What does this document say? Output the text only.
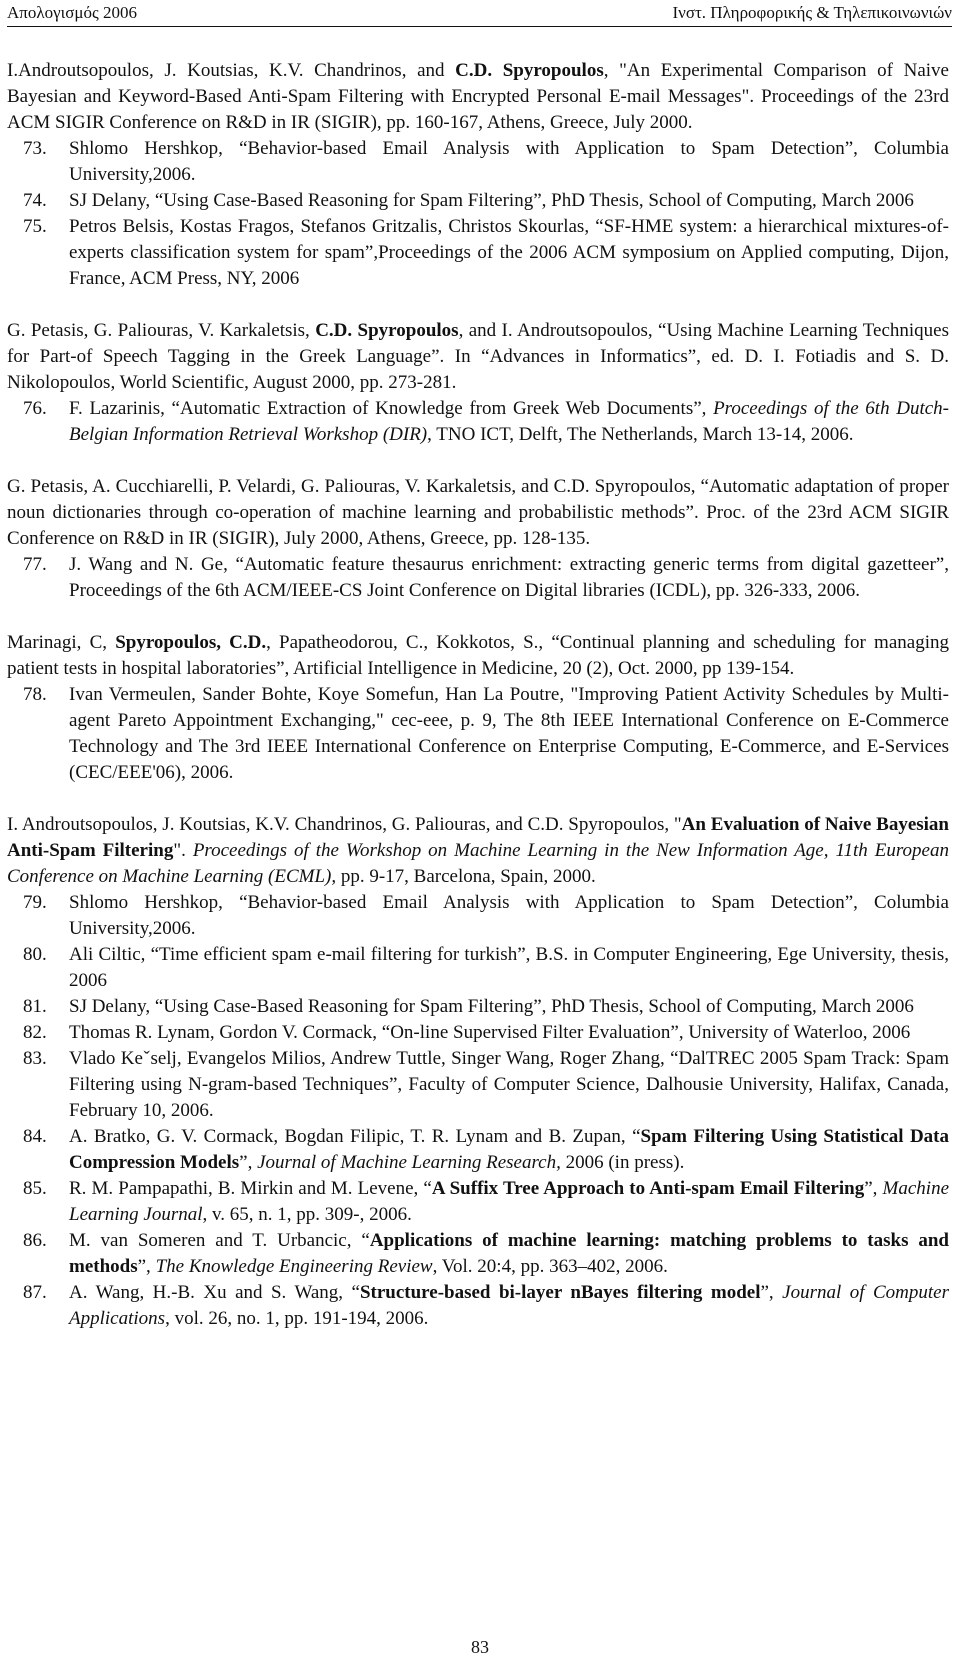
Απολογισμός 2006	Ινστ. Πληροφορικής & Τηλεπικοινωνιών

I.Androutsopoulos, J. Koutsias, K.V. Chandrinos, and C.D. Spyropoulos, "An Experimental Comparison of Naive Bayesian and Keyword-Based Anti-Spam Filtering with Encrypted Personal E-mail Messages". Proceedings of the 23rd ACM SIGIR Conference on R&D in IR (SIGIR), pp. 160-167, Athens, Greece, July 2000.

73.	Shlomo Hershkop, “Behavior-based Email Analysis with Application to Spam Detection”, Columbia University,2006.
74.	SJ Delany, “Using Case-Based Reasoning for Spam Filtering”, PhD Thesis, School of Computing, March 2006
75.	Petros Belsis, Kostas Fragos, Stefanos Gritzalis, Christos Skourlas, “SF-HME system: a hierarchical mixtures-of-experts classification system for spam”,Proceedings of the 2006 ACM symposium on Applied computing, Dijon, France, ACM Press, NY, 2006

G. Petasis, G. Paliouras, V. Karkaletsis, C.D. Spyropoulos, and I. Androutsopoulos, “Using Machine Learning Techniques for Part-of Speech Tagging in the Greek Language”. In “Advances in Informatics”, ed. D. I. Fotiadis and S. D. Nikolopoulos, World Scientific, August 2000, pp. 273-281.

76.	F. Lazarinis, “Automatic Extraction of Knowledge from Greek Web Documents”, Proceedings of the 6th Dutch-Belgian Information Retrieval Workshop (DIR), TNO ICT, Delft, The Netherlands, March 13-14, 2006.

G. Petasis, A. Cucchiarelli, P. Velardi, G. Paliouras, V. Karkaletsis, and C.D. Spyropoulos, “Automatic adaptation of proper noun dictionaries through co-operation of machine learning and probabilistic methods”. Proc. of the 23rd ACM SIGIR Conference on R&D in IR (SIGIR), July 2000, Athens, Greece, pp. 128-135.

77.	J. Wang and N. Ge, “Automatic feature thesaurus enrichment: extracting generic terms from digital gazetteer”, Proceedings of the 6th ACM/IEEE-CS Joint Conference on Digital libraries (ICDL), pp. 326-333, 2006.

Marinagi, C, Spyropoulos, C.D., Papatheodorou, C., Kokkotos, S., “Continual planning and scheduling for managing patient tests in hospital laboratories”, Artificial Intelligence in Medicine, 20 (2), Oct. 2000, pp 139-154.

78.	Ivan Vermeulen, Sander Bohte, Koye Somefun, Han La Poutre, "Improving Patient Activity Schedules by Multi-agent Pareto Appointment Exchanging," cec-eee, p. 9, The 8th IEEE International Conference on E-Commerce Technology and The 3rd IEEE International Conference on Enterprise Computing, E-Commerce, and E-Services (CEC/EEE'06), 2006.

I. Androutsopoulos, J. Koutsias, K.V. Chandrinos, G. Paliouras, and C.D. Spyropoulos, "An Evaluation of Naive Bayesian Anti-Spam Filtering". Proceedings of the Workshop on Machine Learning in the New Information Age, 11th European Conference on Machine Learning (ECML), pp. 9-17, Barcelona, Spain, 2000.

79.	Shlomo Hershkop, “Behavior-based Email Analysis with Application to Spam Detection”, Columbia University,2006.
80.	Ali Ciltic, “Time efficient spam e-mail filtering for turkish”, B.S. in Computer Engineering, Ege University, thesis, 2006
81.	SJ Delany, “Using Case-Based Reasoning for Spam Filtering”, PhD Thesis, School of Computing, March 2006
82.	Thomas R. Lynam, Gordon V. Cormack, “On-line Supervised Filter Evaluation”, University of Waterloo, 2006
83.	Vlado Keˇselj, Evangelos Milios, Andrew Tuttle, Singer Wang, Roger Zhang, “DalTREC 2005 Spam Track: Spam Filtering using N-gram-based Techniques”, Faculty of Computer Science, Dalhousie University, Halifax, Canada, February 10, 2006.
84.	A. Bratko, G. V. Cormack, Bogdan Filipic, T. R. Lynam and B. Zupan, “Spam Filtering Using Statistical Data Compression Models”, Journal of Machine Learning Research, 2006 (in press).
85.	R. M. Pampapathi, B. Mirkin and M. Levene, “A Suffix Tree Approach to Anti-spam Email Filtering”, Machine Learning Journal, v. 65, n. 1, pp. 309-, 2006.
86.	M. van Someren and T. Urbancic, “Applications of machine learning: matching problems to tasks and methods”, The Knowledge Engineering Review, Vol. 20:4, pp. 363–402, 2006.
87.	A. Wang, H.-B. Xu and S. Wang, “Structure-based bi-layer nBayes filtering model”, Journal of Computer Applications, vol. 26, no. 1, pp. 191-194, 2006.
83
